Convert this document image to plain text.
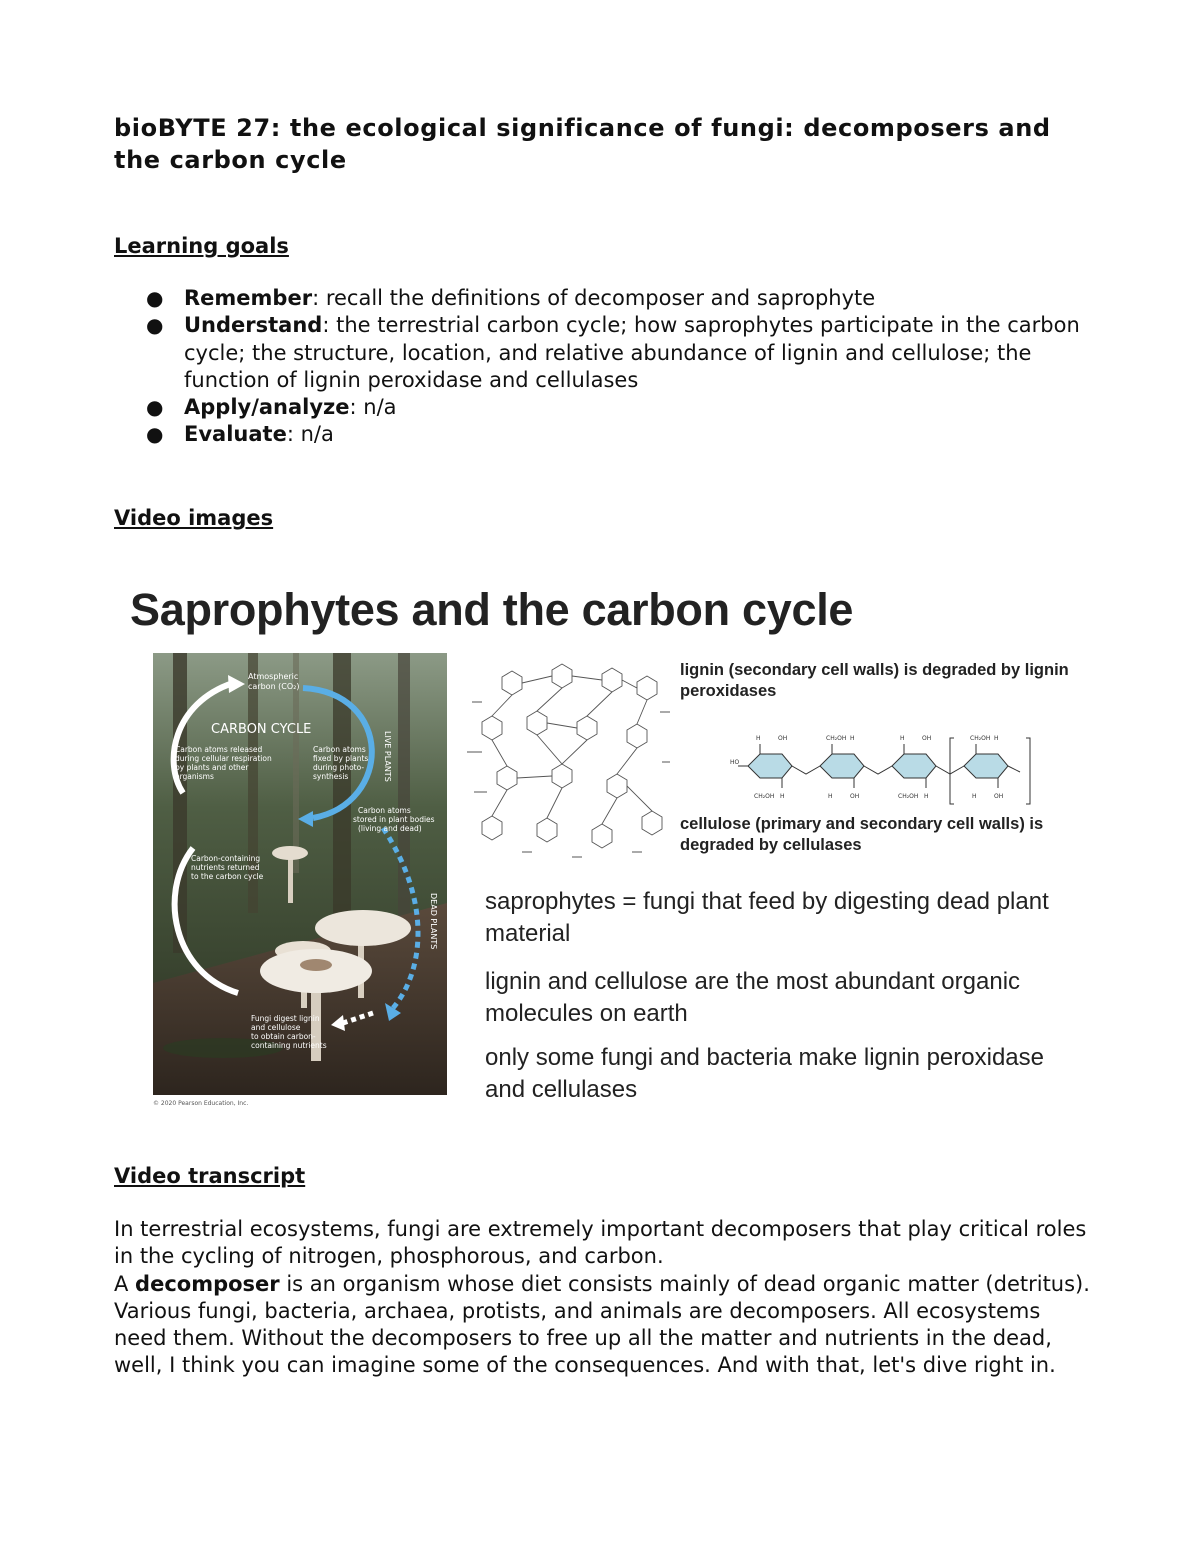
bioBYTE 27: the ecological significance of fungi: decomposers and the carbon cycle
Learning goals
● Remember: recall the definitions of decomposer and saprophyte
● Understand: the terrestrial carbon cycle; how saprophytes participate in the carbon cycle; the structure, location, and relative abundance of lignin and cellulose; the function of lignin peroxidase and cellulases
● Apply/analyze: n/a
● Evaluate: n/a
Video images
Saprophytes and the carbon cycle
Atmospheric
carbon (CO₂)
CARBON CYCLE
Carbon atoms released
during cellular respiration
by plants and other
organisms
Carbon atoms
fixed by plants
during photo-
synthesis	LIVE PLANTS
Carbon atoms
stored in plant bodies
(living and dead)
Carbon-containing
nutrients returned
to the carbon cycle
DEAD PLANTS
Fungi digest lignin
and cellulose
to obtain carbon-
containing nutrients
© 2020 Pearson Education, Inc.
H	OH	CH₂OH H	H	OH	CH₂OH H
HO
CH₂OH H	H	OH	CH₂OH H	H	OH
lignin (secondary cell walls) is degraded by lignin peroxidases
cellulose (primary and secondary cell walls) is degraded by cellulases
saprophytes = fungi that feed by digesting dead plant material
lignin and cellulose are the most abundant organic molecules on earth
only some fungi and bacteria make lignin peroxidase and cellulases
Video transcript
In terrestrial ecosystems, fungi are extremely important decomposers that play critical roles in the cycling of nitrogen, phosphorous, and carbon.
A decomposer is an organism whose diet consists mainly of dead organic matter (detritus). Various fungi, bacteria, archaea, protists, and animals are decomposers. All ecosystems need them. Without the decomposers to free up all the matter and nutrients in the dead, well, I think you can imagine some of the consequences. And with that, let's dive right in.
